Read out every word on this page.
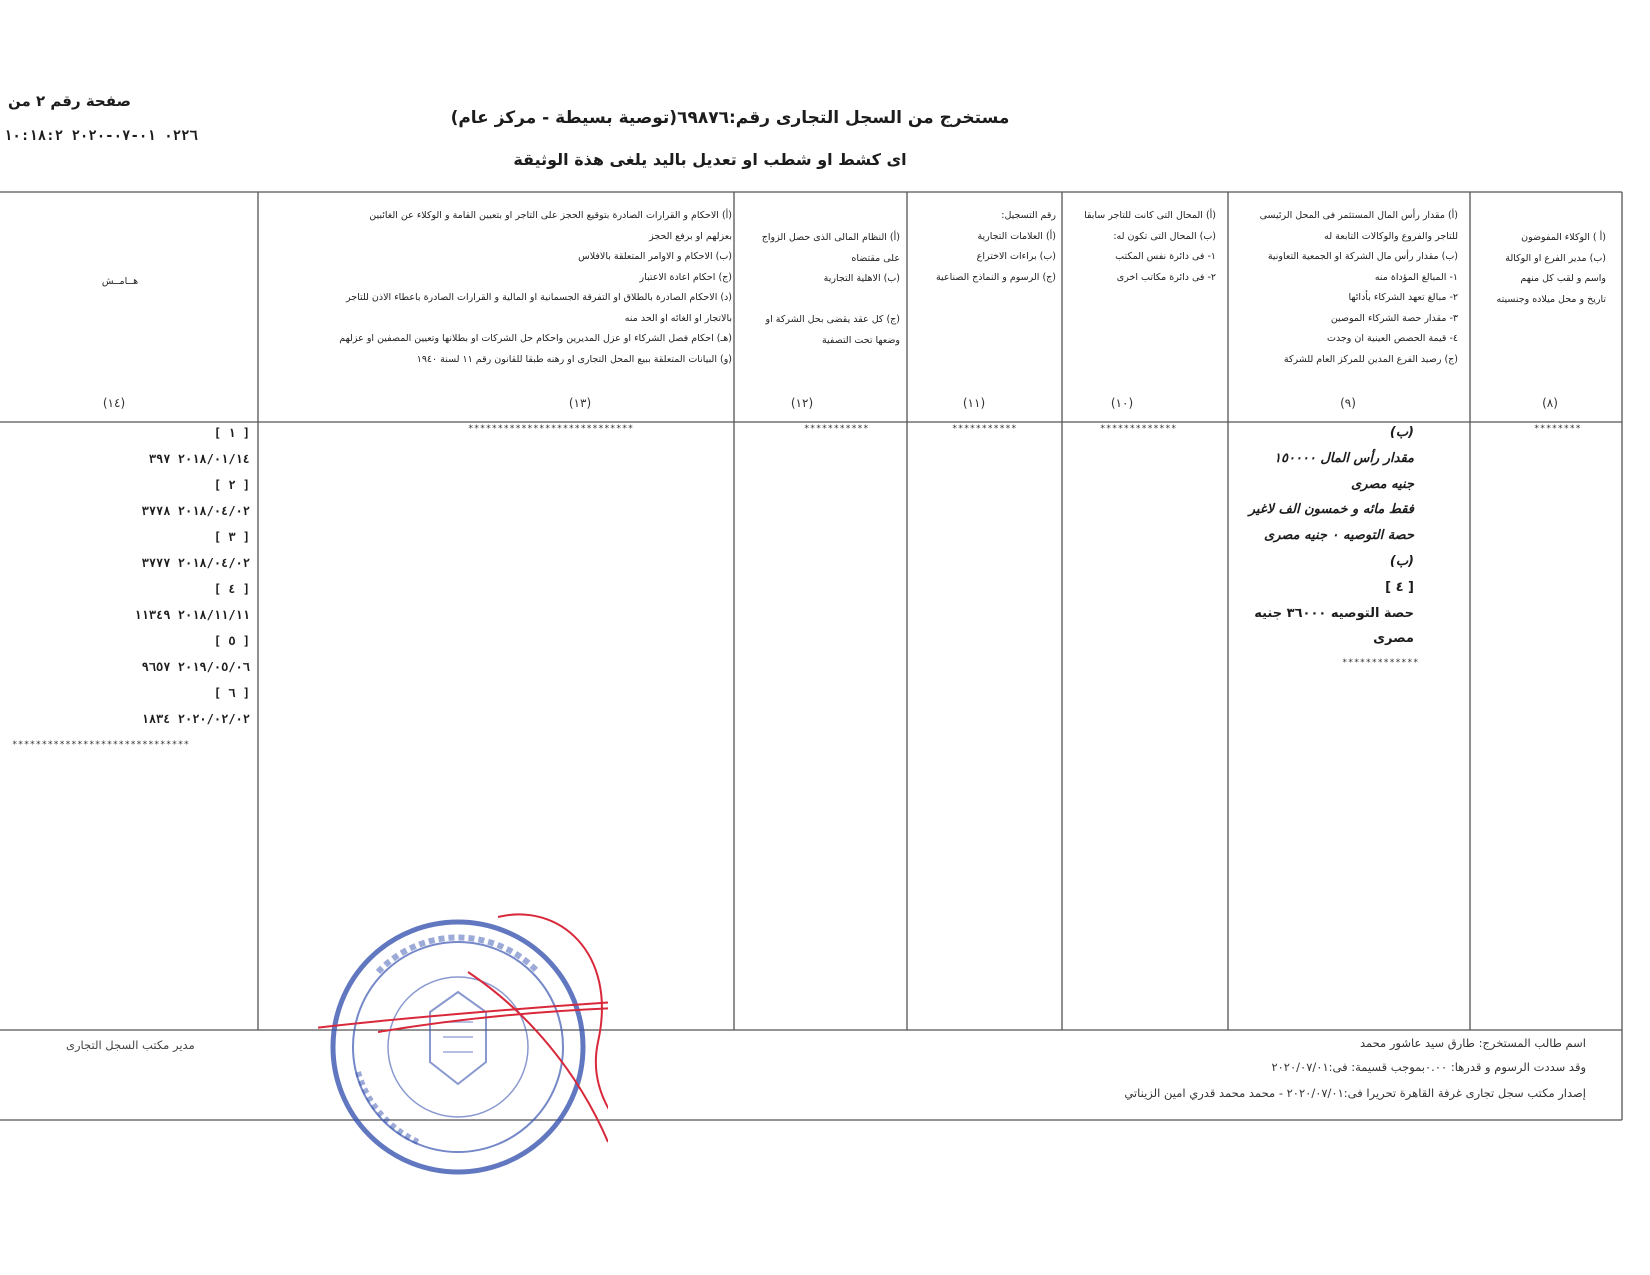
صفحة رقم ٢ من
٠٢٢٦ ٠١-٠٧-٢٠٢٠ ١٠:١٨:٢
مستخرج من السجل التجارى رقم:٦٩٨٧٦(توصية بسيطة - مركز عام)
اى كشط او شطب او تعديل باليد يلغى هذة الوثيقة
(أ ) الوكلاء المفوضون
(ب) مدير الفرع او الوكالة
واسم و لقب كل منهم
تاريخ و محل ميلاده وجنسيته
(أ) مقدار رأس المال المستثمر فى المحل الرئيسى
للتاجر والفروع والوكالات التابعة له
(ب) مقدار رأس مال الشركة او الجمعية التعاونية
١- المبالغ المؤداة منه
٢- مبالغ تعهد الشركاء بأدائها
٣- مقدار حصة الشركاء الموصين
٤- قيمة الحصص العينية ان وجدت
(ج) رصيد الفرع المدين للمركز العام للشركة
(أ) المحال التى كانت للتاجر سابقا
(ب) المحال التى تكون له:
١- فى دائرة نفس المكتب
٢- فى دائرة مكاتب اخرى
رقم التسجيل:
(أ) العلامات التجارية
(ب) براءات الاختراع
(ج) الرسوم و النماذج الصناعية
(أ) النظام المالى الذى حصل الزواج
على مقتضاه
(ب) الاهلية التجارية

(ج) كل عقد يقضى بحل الشركة او
وضعها تحت التصفية
(أ) الاحكام و القرارات الصادرة بتوقيع الحجز على التاجر او بتعيين القامة و الوكلاء عن الغائبين
بعزلهم او برفع الحجز
(ب) الاحكام و الاوامر المتعلقة بالافلاس
(ج) احكام اعادة الاعتبار
(د) الاحكام الصادرة بالطلاق او التفرقة الجسمانية او المالية و القرارات الصادرة باعطاء الاذن للتاجر
بالاتجار او الغائه او الحد منه
(هـ) احكام فصل الشركاء او عزل المديرين واحكام حل الشركات او بطلانها وتعيين المصفين او عزلهم
(و) البيانات المتعلقة ببيع المحل التجارى او رهنه طبقا للقانون رقم ١١ لسنة ١٩٤٠
هــامــش
(٨)
(٩)
(١٠)
(١١)
(١٢)
(١٣)
(١٤)
********
*************
***********
***********
****************************
*************
******************************
(ب)
مقدار رأس المال ١٥٠٠٠٠
جنيه مصرى
فقط مائه و خمسون الف لاغير
حصة التوصيه ٠ جنيه مصرى
(ب)
[ ٤ ]
حصة التوصيه ٣٦٠٠٠ جنيه
مصرى
[ ١ ]
٢٠١٨/٠١/١٤ ٣٩٧
[ ٢ ]
٢٠١٨/٠٤/٠٢ ٣٧٧٨
[ ٣ ]
٢٠١٨/٠٤/٠٢ ٣٧٧٧
[ ٤ ]
٢٠١٨/١١/١١ ١١٣٤٩
[ ٥ ]
٢٠١٩/٠٥/٠٦ ٩٦٥٧
[ ٦ ]
٢٠٢٠/٠٢/٠٢ ١٨٣٤
اسم طالب المستخرج: طارق سيد عاشور محمد
وقد سددت الرسوم و قدرها: ٠.٠٠بموجب قسيمة: فى:٢٠٢٠/٠٧/٠١
إصدار مكتب سجل تجارى غرفة القاهرة تحريرا فى:٢٠٢٠/٠٧/٠١ - محمد محمد قدري امين الزيناتي
مدير مكتب السجل التجارى
